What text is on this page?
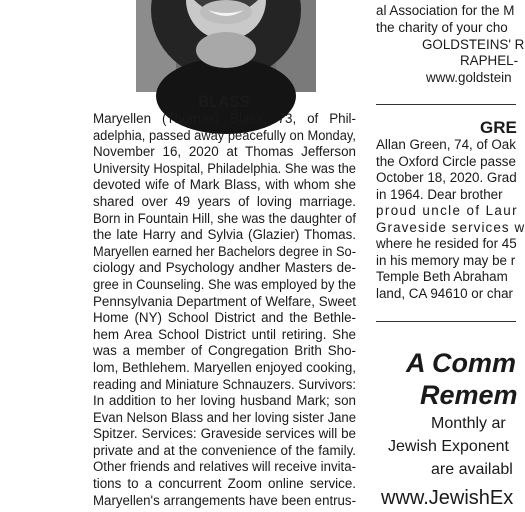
BLASS
Maryellen (Thomas) Blass, 73, of Phil-
adelphia, passed away peacefully on Monday,
November 16, 2020 at Thomas Jefferson
University Hospital, Philadelphia. She was the
devoted wife of Mark Blass, with whom she
shared over 49 years of loving marriage.
Born in Fountain Hill, she was the daughter of
the late Harry and Sylvia (Glazier) Thomas.
Maryellen earned her Bachelors degree in So-
ciology and Psychology andher Masters de-
gree in Counseling. She was employed by the
Pennsylvania Department of Welfare, Sweet
Home (NY) School District and the Bethle-
hem Area School District until retiring. She
was a member of Congregation Brith Sho-
lom, Bethlehem. Maryellen enjoyed cooking,
reading and Miniature Schnauzers. Survivors:
In addition to her loving husband Mark; son
Evan Nelson Blass and her loving sister Jane
Spitzer. Services: Graveside services will be
private and at the convenience of the family.
Other friends and relatives will receive invita-
tions to a concurrent Zoom online service.
Maryellen's arrangements have been entrus-
al Association for the M
the charity of your cho
GOLDSTEINS' R
RAPHEL-
www.goldstein
GRE
Allan Green, 74, of Oak
the Oxford Circle passe
October 18, 2020. Grad
in 1964. Dear brother
proud uncle of Laur
Graveside services w
where he resided for 45
in his memory may be r
Temple Beth Abraham
land, CA 94610 or char
A Comm
Remem
Monthly ar
Jewish Exponent
are availabl
www.JewishEx
